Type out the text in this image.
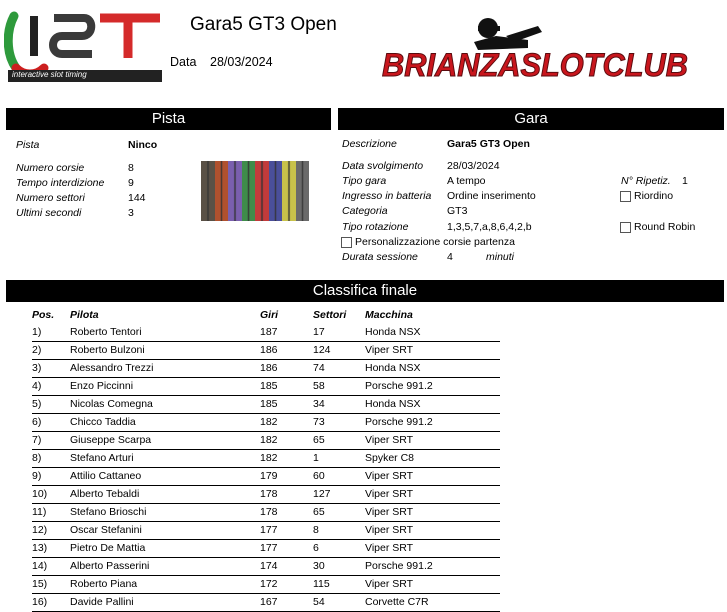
interactive slot timing
Gara5 GT3 Open
Data 28/03/2024	BRIANZASLOTCLUB
Pista
Pista	Ninco
Numero corsie	8
Tempo interdizione 9
Numero settori	144
Ultimi secondi	3
Gara
Descrizione	Gara5 GT3 Open
Data svolgimento 28/03/2024
Tipo gara	A tempo
Ingresso in batteria Ordine inserimento
Categoria	GT3
Tipo rotazione	1,3,5,7,a,8,6,4,2,b
Personalizzazione corsie partenza
Durata sessione	4	minuti
N° Ripetiz. 1
Riordino
Round Robin
Classifica finale
Pos. Pilota	Giri	Settori Macchina
1)	Roberto Tentori	187	17	Honda NSX
2)	Roberto Bulzoni	186	124	Viper SRT
3)	Alessandro Trezzi	186	74	Honda NSX
4)	Enzo Piccinni	185	58	Porsche 991.2
5)	Nicolas Comegna	185	34	Honda NSX
6)	Chicco Taddia	182	73	Porsche 991.2
7)	Giuseppe Scarpa	182	65	Viper SRT
8)	Stefano Arturi	182	1	Spyker C8
9)	Attilio Cattaneo	179	60	Viper SRT
10) Alberto Tebaldi	178	127	Viper SRT
11) Stefano Brioschi	178	65	Viper SRT
12) Oscar Stefanini	177	8	Viper SRT
13) Pietro De Mattia	177	6	Viper SRT
14) Alberto Passerini	174	30	Porsche 991.2
15) Roberto Piana	172	115	Viper SRT
16) Davide Pallini	167	54	Corvette C7R
